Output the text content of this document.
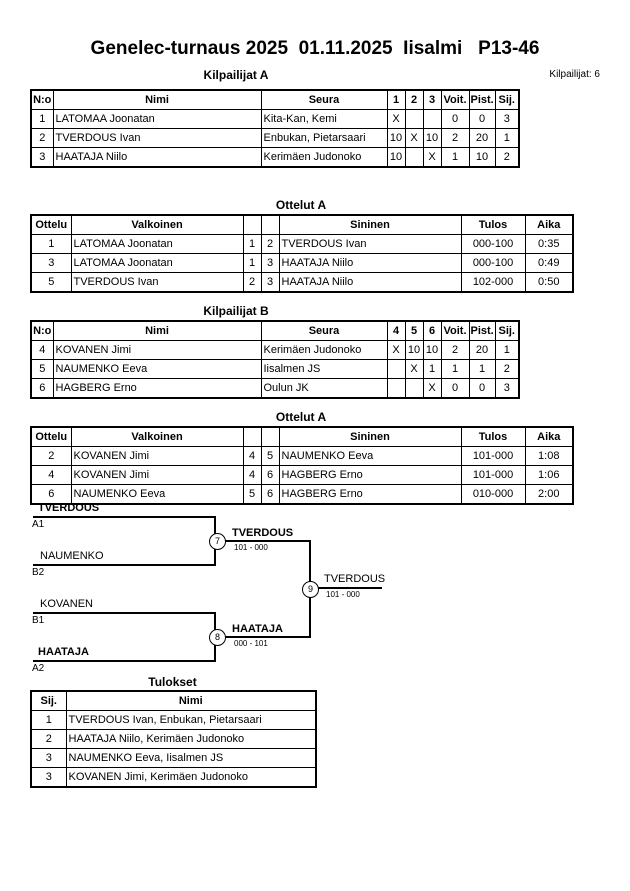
Genelec-turnaus 2025  01.11.2025  Iisalmi   P13-46
Kilpailijat A	Kilpailijat: 6
N:o	Nimi	Seura	1	2	3	Voit.	Pist.	Sij.
1	LATOMAA Joonatan	Kita-Kan, Kemi	X			0	0	3
2	TVERDOUS Ivan	Enbukan, Pietarsaari	10	X	10	2	20	1
3	HAATAJA Niilo	Kerimäen Judonoko	10		X	1	10	2
Ottelut A
Ottelu	Valkoinen			Sininen	Tulos	Aika
1	LATOMAA Joonatan	1	2	TVERDOUS Ivan	000-100	0:35
3	LATOMAA Joonatan	1	3	HAATAJA Niilo	000-100	0:49
5	TVERDOUS Ivan	2	3	HAATAJA Niilo	102-000	0:50
Kilpailijat B
N:o	Nimi	Seura	4	5	6	Voit.	Pist.	Sij.
4	KOVANEN Jimi	Kerimäen Judonoko	X	10	10	2	20	1
5	NAUMENKO Eeva	Iisalmen JS		X	1	1	1	2
6	HAGBERG Erno	Oulun JK			X	0	0	3
Ottelut A
Ottelu	Valkoinen			Sininen	Tulos	Aika
2	KOVANEN Jimi	4	5	NAUMENKO Eeva	101-000	1:08
4	KOVANEN Jimi	4	6	HAGBERG Erno	101-000	1:06
6	NAUMENKO Eeva	5	6	HAGBERG Erno	010-000	2:00
TVERDOUS
A1
NAUMENKO
B2
7
TVERDOUS
101 - 000
KOVANEN
B1
HAATAJA
A2
8
HAATAJA
000 - 101
9
TVERDOUS
101 - 000
Tulokset
Sij.	Nimi
1	TVERDOUS Ivan, Enbukan, Pietarsaari
2	HAATAJA Niilo, Kerimäen Judonoko
3	NAUMENKO Eeva, Iisalmen JS
3	KOVANEN Jimi, Kerimäen Judonoko
